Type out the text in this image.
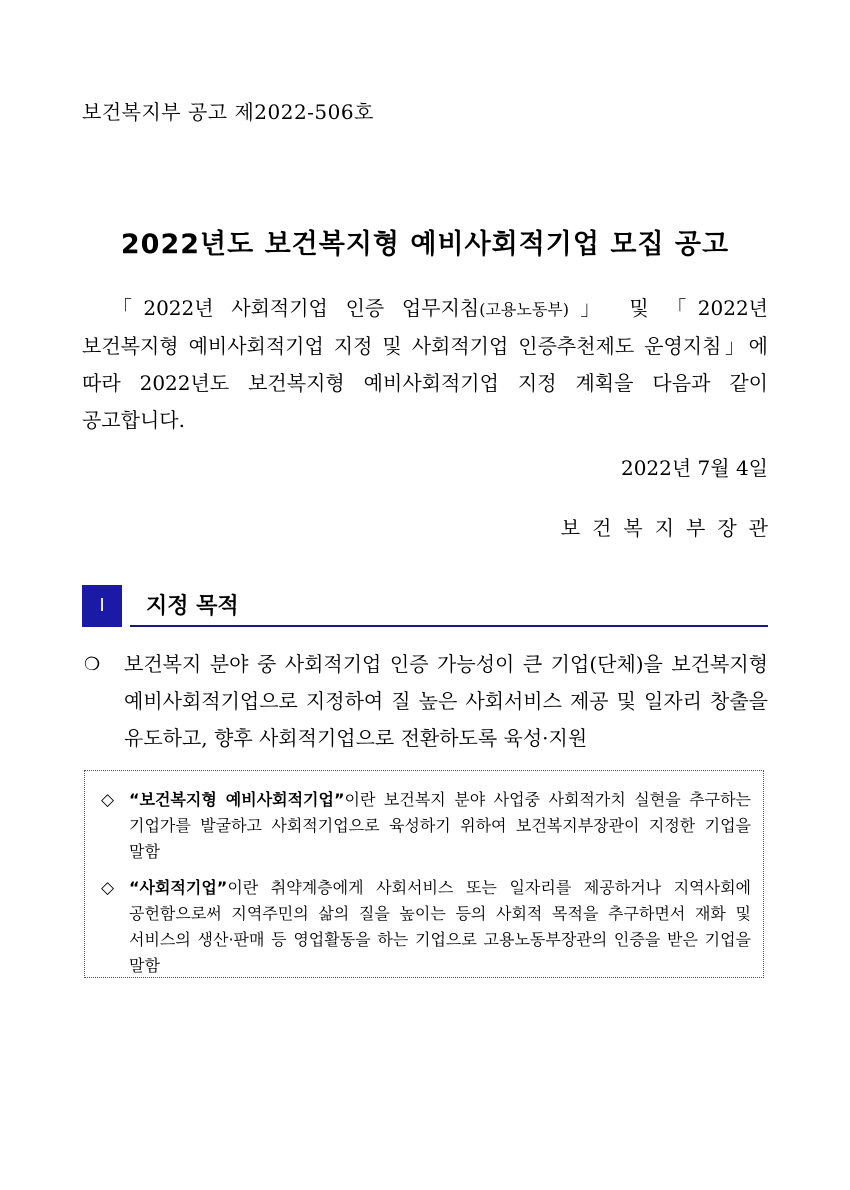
보건복지부 공고 제2022-506호
2022년도 보건복지형 예비사회적기업 모집 공고
「2022년 사회적기업 인증 업무지침(고용노동부)」 및 「2022년 보건복지형 예비사회적기업 지정 및 사회적기업 인증추천제도 운영지침」에 따라 2022년도 보건복지형 예비사회적기업 지정 계획을 다음과 같이 공고합니다.
2022년 7월 4일
보건복지부장관
Ⅰ	지정 목적
❍ 보건복지 분야 중 사회적기업 인증 가능성이 큰 기업(단체)을 보건복지형 예비사회적기업으로 지정하여 질 높은 사회서비스 제공 및 일자리 창출을 유도하고, 향후 사회적기업으로 전환하도록 육성·지원
◇ “보건복지형 예비사회적기업”이란 보건복지 분야 사업중 사회적가치 실현을 추구하는 기업가를 발굴하고 사회적기업으로 육성하기 위하여 보건복지부장관이 지정한 기업을 말함
◇ “사회적기업”이란 취약계층에게 사회서비스 또는 일자리를 제공하거나 지역사회에 공헌함으로써 지역주민의 삶의 질을 높이는 등의 사회적 목적을 추구하면서 재화 및 서비스의 생산·판매 등 영업활동을 하는 기업으로 고용노동부장관의 인증을 받은 기업을 말함
